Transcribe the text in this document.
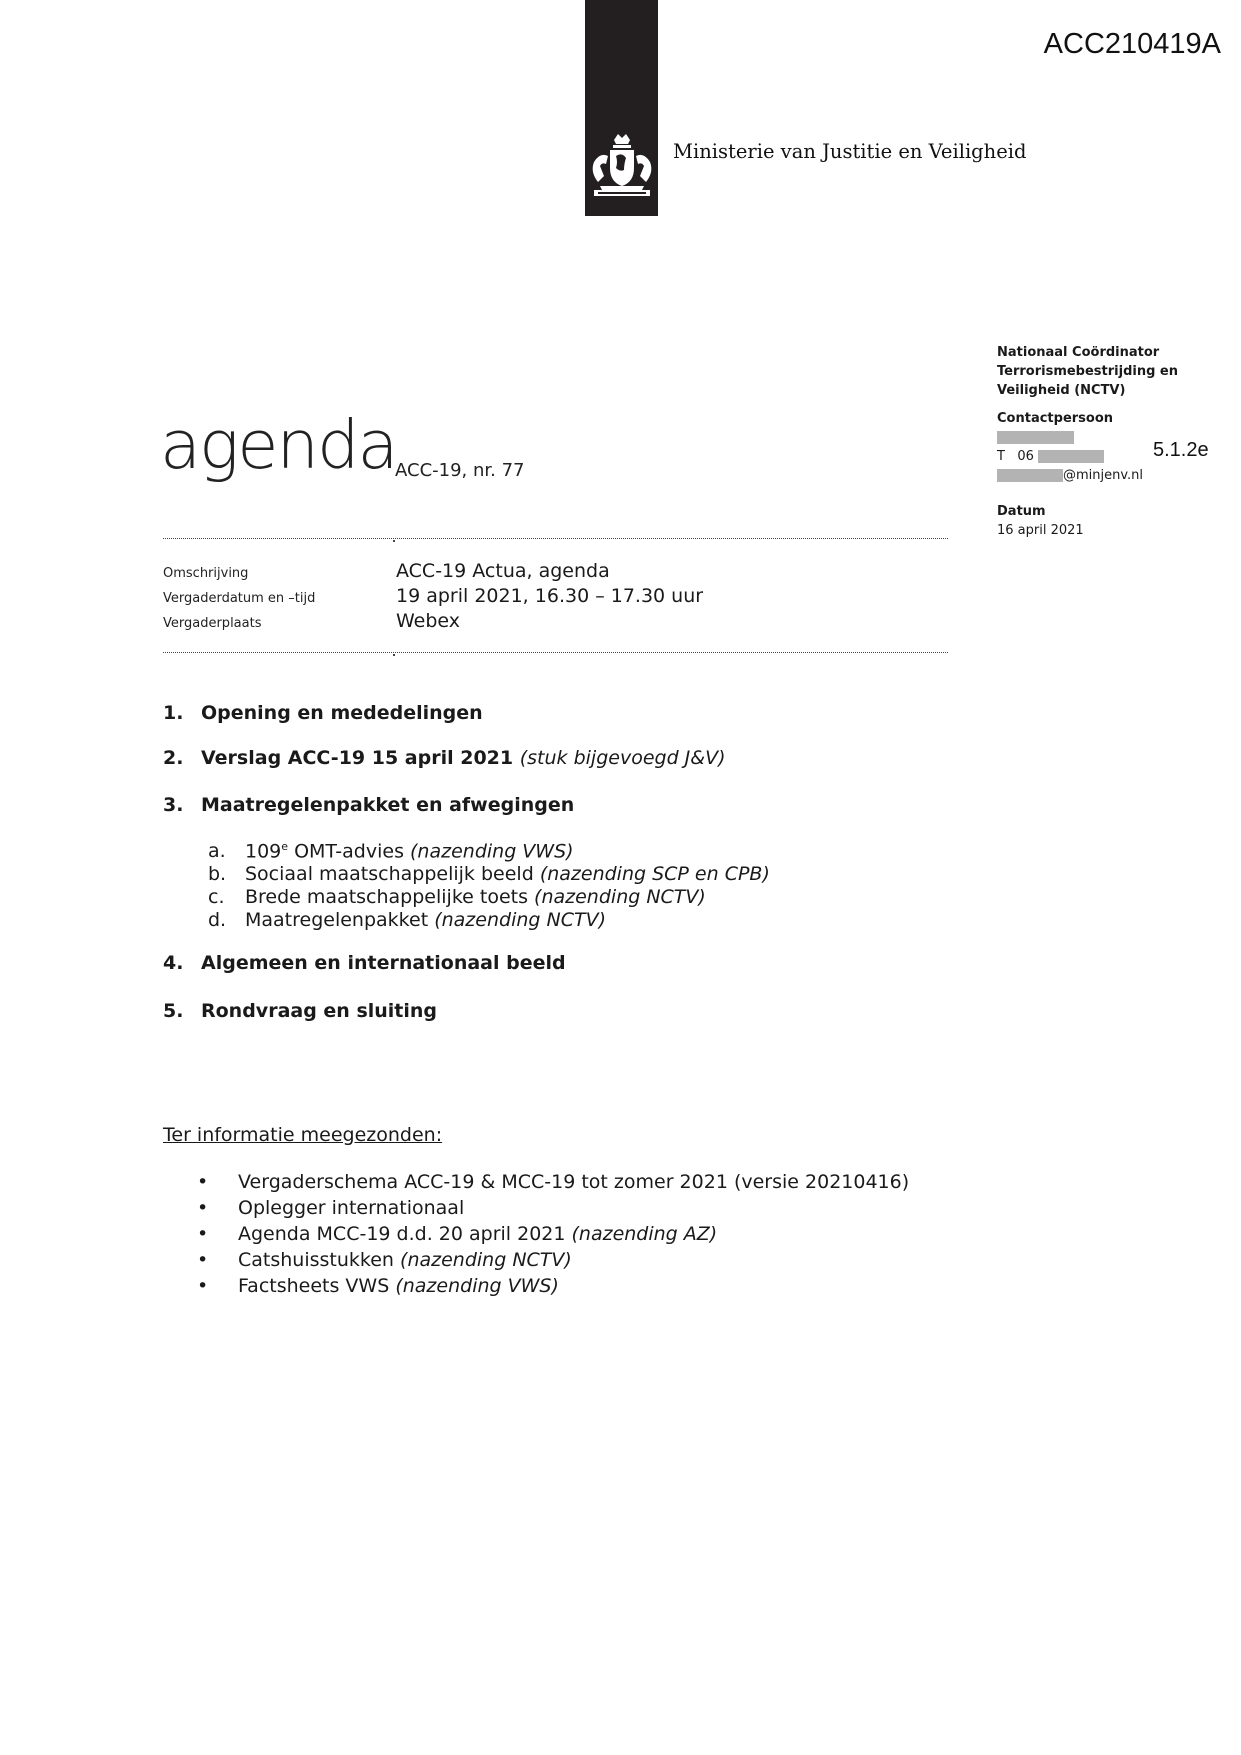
ACC210419A
Ministerie van Justitie en Veiligheid
agenda
ACC-19, nr. 77
Nationaal Coördinator
Terrorismebestrijding en
Veiligheid (NCTV)
Contactpersoon
T 06
@minjenv.nl
Datum
16 april 2021
5.1.2e
Omschrijving	ACC-19 Actua, agenda
Vergaderdatum en –tijd	19 april 2021, 16.30 – 17.30 uur
Vergaderplaats	Webex
1. Opening en mededelingen
2. Verslag ACC-19 15 april 2021 (stuk bijgevoegd J&V)
3. Maatregelenpakket en afwegingen
a. 109e OMT-advies (nazending VWS)
b. Sociaal maatschappelijk beeld (nazending SCP en CPB)
c. Brede maatschappelijke toets (nazending NCTV)
d. Maatregelenpakket (nazending NCTV)
4. Algemeen en internationaal beeld
5. Rondvraag en sluiting
Ter informatie meegezonden:
• Vergaderschema ACC-19 & MCC-19 tot zomer 2021 (versie 20210416)
• Oplegger internationaal
• Agenda MCC-19 d.d. 20 april 2021 (nazending AZ)
• Catshuisstukken (nazending NCTV)
• Factsheets VWS (nazending VWS)
